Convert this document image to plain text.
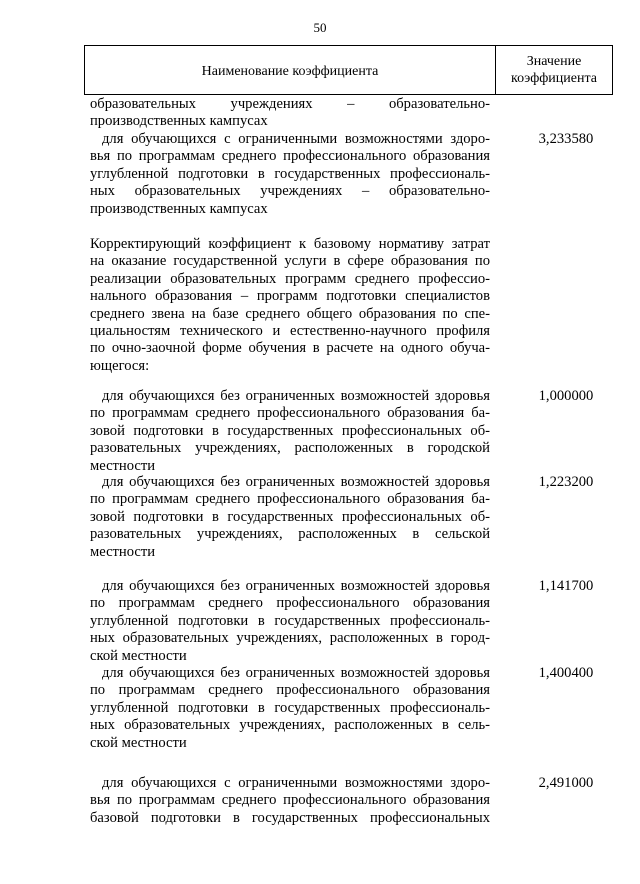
50
Наименование коэффициента
Значение
коэффициента
образовательных учреждениях – образовательно-
производственных кампусах
для обучающихся с ограниченными возможностями здоро-
вья по программам среднего профессионального образования
углубленной подготовки в государственных профессиональ-
ных образовательных учреждениях – образовательно-
производственных кампусах
3,233580
Корректирующий коэффициент к базовому нормативу затрат
на оказание государственной услуги в сфере образования по
реализации образовательных программ среднего профессио-
нального образования – программ подготовки специалистов
среднего звена на базе среднего общего образования по спе-
циальностям технического и естественно-научного профиля
по очно-заочной форме обучения в расчете на одного обуча-
ющегося:
для обучающихся без ограниченных возможностей здоровья
по программам среднего профессионального образования ба-
зовой подготовки в государственных профессиональных об-
разовательных учреждениях, расположенных в городской
местности
1,000000
для обучающихся без ограниченных возможностей здоровья
по программам среднего профессионального образования ба-
зовой подготовки в государственных профессиональных об-
разовательных учреждениях, расположенных в сельской
местности
1,223200
для обучающихся без ограниченных возможностей здоровья
по программам среднего профессионального образования
углубленной подготовки в государственных профессиональ-
ных образовательных учреждениях, расположенных в город-
ской местности
1,141700
для обучающихся без ограниченных возможностей здоровья
по программам среднего профессионального образования
углубленной подготовки в государственных профессиональ-
ных образовательных учреждениях, расположенных в сель-
ской местности
1,400400
для обучающихся с ограниченными возможностями здоро-
вья по программам среднего профессионального образования
базовой подготовки в государственных профессиональных
2,491000
